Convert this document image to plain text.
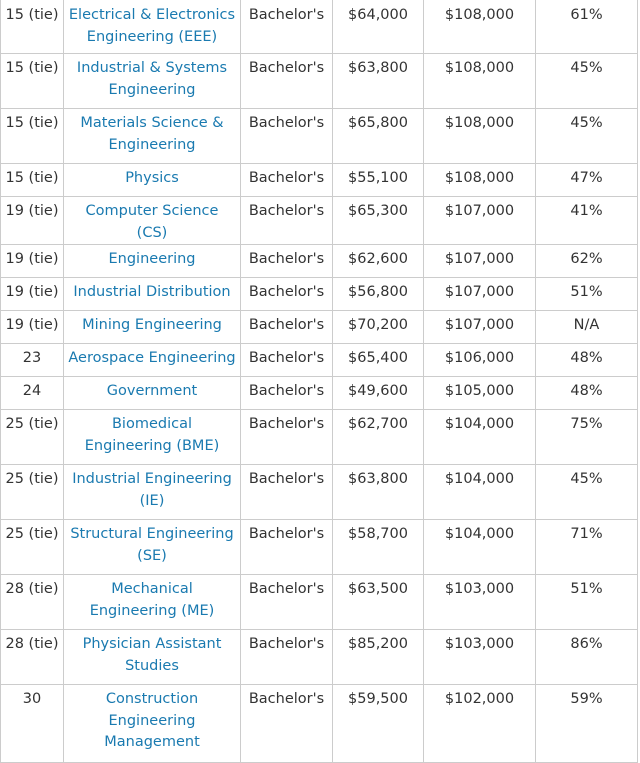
15 (tie)	Electrical & Electronics Engineering (EEE)	Bachelor's	$64,000	$108,000	61%
15 (tie)	Industrial & Systems Engineering	Bachelor's	$63,800	$108,000	45%
15 (tie)	Materials Science & Engineering	Bachelor's	$65,800	$108,000	45%
15 (tie)	Physics	Bachelor's	$55,100	$108,000	47%
19 (tie)	Computer Science (CS)	Bachelor's	$65,300	$107,000	41%
19 (tie)	Engineering	Bachelor's	$62,600	$107,000	62%
19 (tie)	Industrial Distribution	Bachelor's	$56,800	$107,000	51%
19 (tie)	Mining Engineering	Bachelor's	$70,200	$107,000	N/A
23	Aerospace Engineering	Bachelor's	$65,400	$106,000	48%
24	Government	Bachelor's	$49,600	$105,000	48%
25 (tie)	Biomedical Engineering (BME)	Bachelor's	$62,700	$104,000	75%
25 (tie)	Industrial Engineering (IE)	Bachelor's	$63,800	$104,000	45%
25 (tie)	Structural Engineering (SE)	Bachelor's	$58,700	$104,000	71%
28 (tie)	Mechanical Engineering (ME)	Bachelor's	$63,500	$103,000	51%
28 (tie)	Physician Assistant Studies	Bachelor's	$85,200	$103,000	86%
30	Construction Engineering Management	Bachelor's	$59,500	$102,000	59%
